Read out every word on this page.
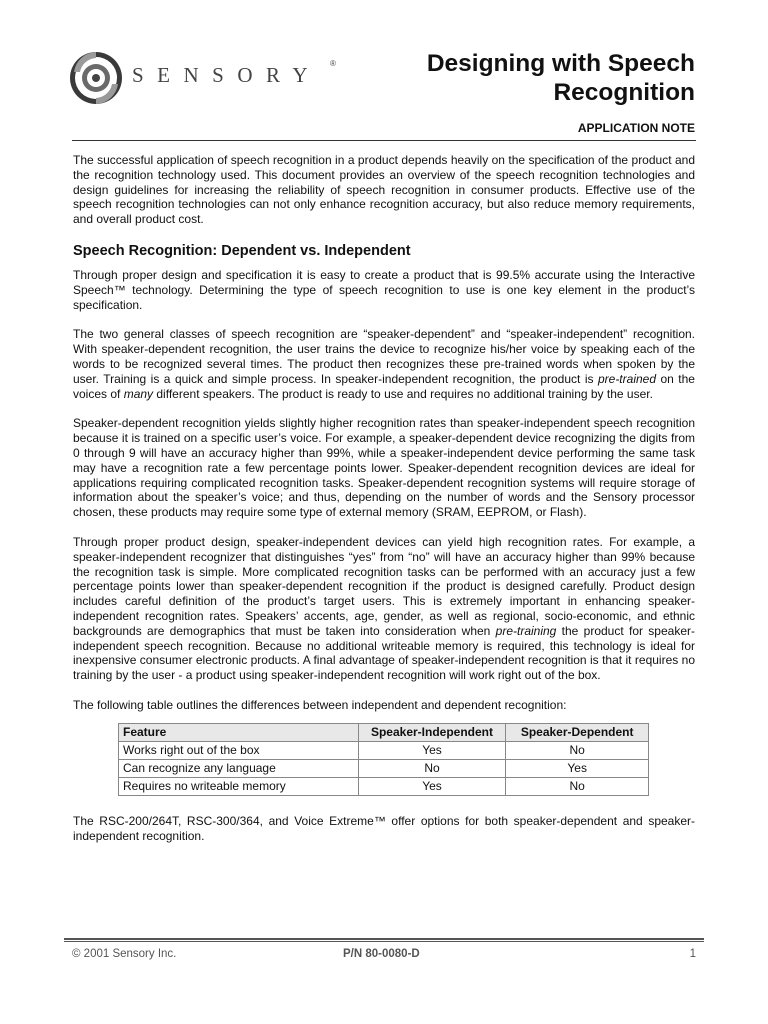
SENSORY ®	Designing with Speech
Recognition
APPLICATION NOTE

The successful application of speech recognition in a product depends heavily on the specification of the product and the recognition technology used. This document provides an overview of the speech recognition technologies and design guidelines for increasing the reliability of speech recognition in consumer products. Effective use of the speech recognition technologies can not only enhance recognition accuracy, but also reduce memory requirements, and overall product cost.

Speech Recognition: Dependent vs. Independent

Through proper design and specification it is easy to create a product that is 99.5% accurate using the Interactive Speech™ technology. Determining the type of speech recognition to use is one key element in the product’s specification.

The two general classes of speech recognition are “speaker-dependent” and “speaker-independent” recognition. With speaker-dependent recognition, the user trains the device to recognize his/her voice by speaking each of the words to be recognized several times. The product then recognizes these pre-trained words when spoken by the user. Training is a quick and simple process. In speaker-independent recognition, the product is pre-trained on the voices of many different speakers. The product is ready to use and requires no additional training by the user.

Speaker-dependent recognition yields slightly higher recognition rates than speaker-independent speech recognition because it is trained on a specific user’s voice. For example, a speaker-dependent device recognizing the digits from 0 through 9 will have an accuracy higher than 99%, while a speaker-independent device performing the same task may have a recognition rate a few percentage points lower. Speaker-dependent recognition devices are ideal for applications requiring complicated recognition tasks. Speaker-dependent recognition systems will require storage of information about the speaker’s voice; and thus, depending on the number of words and the Sensory processor chosen, these products may require some type of external memory (SRAM, EEPROM, or Flash).

Through proper product design, speaker-independent devices can yield high recognition rates. For example, a speaker-independent recognizer that distinguishes “yes” from “no” will have an accuracy higher than 99% because the recognition task is simple. More complicated recognition tasks can be performed with an accuracy just a few percentage points lower than speaker-dependent recognition if the product is designed carefully. Product design includes careful definition of the product’s target users. This is extremely important in enhancing speaker-independent recognition rates. Speakers’ accents, age, gender, as well as regional, socio-economic, and ethnic backgrounds are demographics that must be taken into consideration when pre-training the product for speaker-independent speech recognition. Because no additional writeable memory is required, this technology is ideal for inexpensive consumer electronic products. A final advantage of speaker-independent recognition is that it requires no training by the user - a product using speaker-independent recognition will work right out of the box.

The following table outlines the differences between independent and dependent recognition:

Feature	Speaker-Independent	Speaker-Dependent
Works right out of the box	Yes	No
Can recognize any language	No	Yes
Requires no writeable memory	Yes	No

The RSC-200/264T, RSC-300/364, and Voice Extreme™ offer options for both speaker-dependent and speaker-independent recognition.

© 2001 Sensory Inc.	P/N 80-0080-D	1
